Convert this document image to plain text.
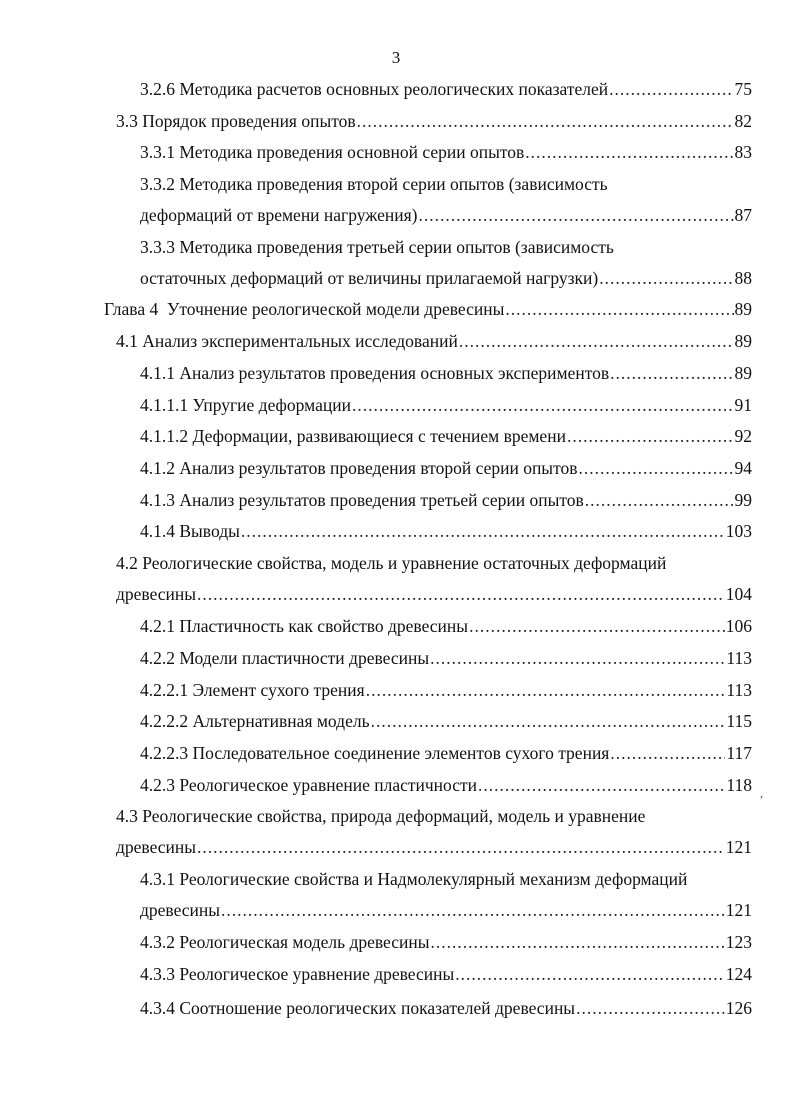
3
3.2.6 Методика расчетов основных реологических показателей .....	75
3.3 Порядок проведения опытов .....	82
3.3.1 Методика проведения основной серии опытов .....	83
3.3.2 Методика проведения второй серии опытов (зависимость
деформаций от времени нагружения) .....	87
3.3.3 Методика проведения третьей серии опытов (зависимость
остаточных деформаций от величины прилагаемой нагрузки) .....	88
Глава 4  Уточнение реологической модели древесины .....	89
4.1 Анализ экспериментальных исследований .....	89
4.1.1 Анализ результатов проведения основных экспериментов .....	89
4.1.1.1 Упругие деформации .....	91
4.1.1.2 Деформации, развивающиеся с течением времени .....	92
4.1.2 Анализ результатов проведения второй серии опытов .....	94
4.1.3 Анализ результатов проведения третьей серии опытов .....	99
4.1.4 Выводы .....	103
4.2 Реологические свойства, модель и уравнение остаточных деформаций
древесины .....	104
4.2.1 Пластичность как свойство древесины .....	106
4.2.2 Модели пластичности древесины .....	113
4.2.2.1 Элемент сухого трения .....	113
4.2.2.2 Альтернативная модель .....	115
4.2.2.3 Последовательное соединение элементов сухого трения .....	117
4.2.3 Реологическое уравнение пластичности .....	118
4.3 Реологические свойства, природа деформаций, модель и уравнение
древесины .....	121
4.3.1 Реологические свойства и Надмолекулярный механизм деформаций
древесины .....	121
4.3.2 Реологическая модель древесины .....	123
4.3.3 Реологическое уравнение древесины .....	124
4.3.4 Соотношение реологических показателей древесины .....	126
,
